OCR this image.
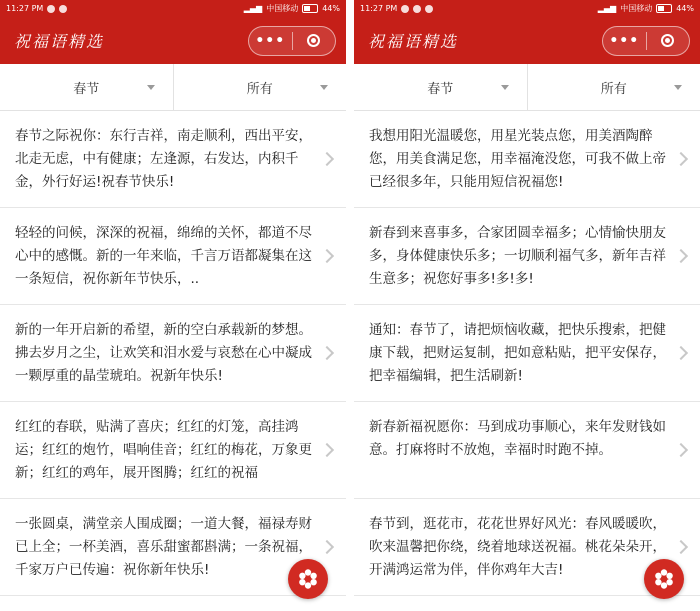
11:27 PM	▂▄▆ 中国移动	44%
祝福语精选	•••
春节	所有
春节之际祝你：东行吉祥，南走顺利，西出平安，北走无虑，中有健康；左逢源，右发达，内积千金，外行好运!祝春节快乐!
轻轻的问候，深深的祝福，绵绵的关怀，都道不尽心中的感慨。新的一年来临，千言万语都凝集在这一条短信，祝你新年节快乐，..
新的一年开启新的希望，新的空白承载新的梦想。拂去岁月之尘，让欢笑和泪水爱与哀愁在心中凝成一颗厚重的晶莹琥珀。祝新年快乐!
红红的春联，贴满了喜庆；红红的灯笼，高挂鸿运；红红的炮竹，唱响佳音；红红的梅花，万象更新；红红的鸡年，展开图腾；红红的祝福
一张圆桌，满堂亲人围成圈；一道大餐，福禄寿财已上全；一杯美酒，喜乐甜蜜都斟满；一条祝福，千家万户已传遍：祝你新年快乐!
11:27 PM	▂▄▆ 中国移动	44%
祝福语精选	•••
春节	所有
我想用阳光温暖您，用星光装点您，用美酒陶醉您，用美食满足您，用幸福淹没您，可我不做上帝已经很多年，只能用短信祝福您!
新春到来喜事多，合家团圆幸福多；心情愉快朋友多，身体健康快乐多；一切顺利福气多，新年吉祥生意多；祝您好事多!多!多!
通知：春节了，请把烦恼收藏，把快乐搜索，把健康下载，把财运复制，把如意粘贴，把平安保存，把幸福编辑，把生活刷新!
新春新福祝愿你：马到成功事顺心，来年发财钱如意。打麻将时不放炮，幸福时时跑不掉。
春节到，逛花市，花花世界好风光：春风暖暖吹，吹来温馨把你绕，绕着地球送祝福。桃花朵朵开，开满鸿运常为伴，伴你鸡年大吉!
